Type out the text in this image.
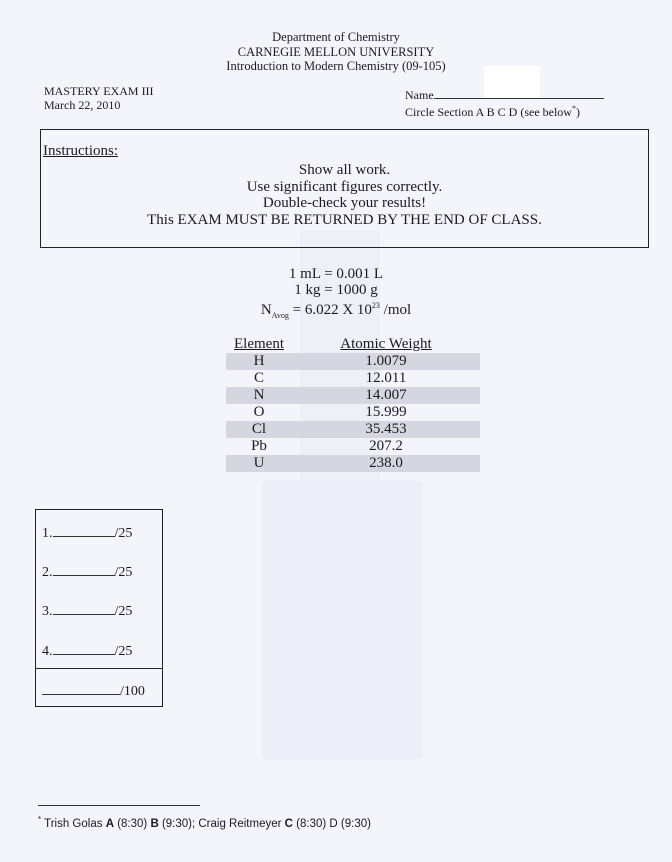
Department of Chemistry
CARNEGIE MELLON UNIVERSITY
Introduction to Modern Chemistry (09-105)
MASTERY EXAM III
March 22, 2010
Name
Circle Section A B C D (see below*)
Instructions:
Show all work.
Use significant figures correctly.
Double-check your results!
This EXAM MUST BE RETURNED BY THE END OF CLASS.
1 mL = 0.001 L
1 kg = 1000 g
$N_{Avog} = 6.022$ X $10^{23}$ /mol
Element	Atomic Weight
H	1.0079
C	12.011
N	14.007
O	15.999
Cl	35.453
Pb	207.2
U	238.0
1.	/25
2.	/25
3.	/25
4.	/25
/100
* Trish Golas A (8:30) B (9:30); Craig Reitmeyer C (8:30) D (9:30)
